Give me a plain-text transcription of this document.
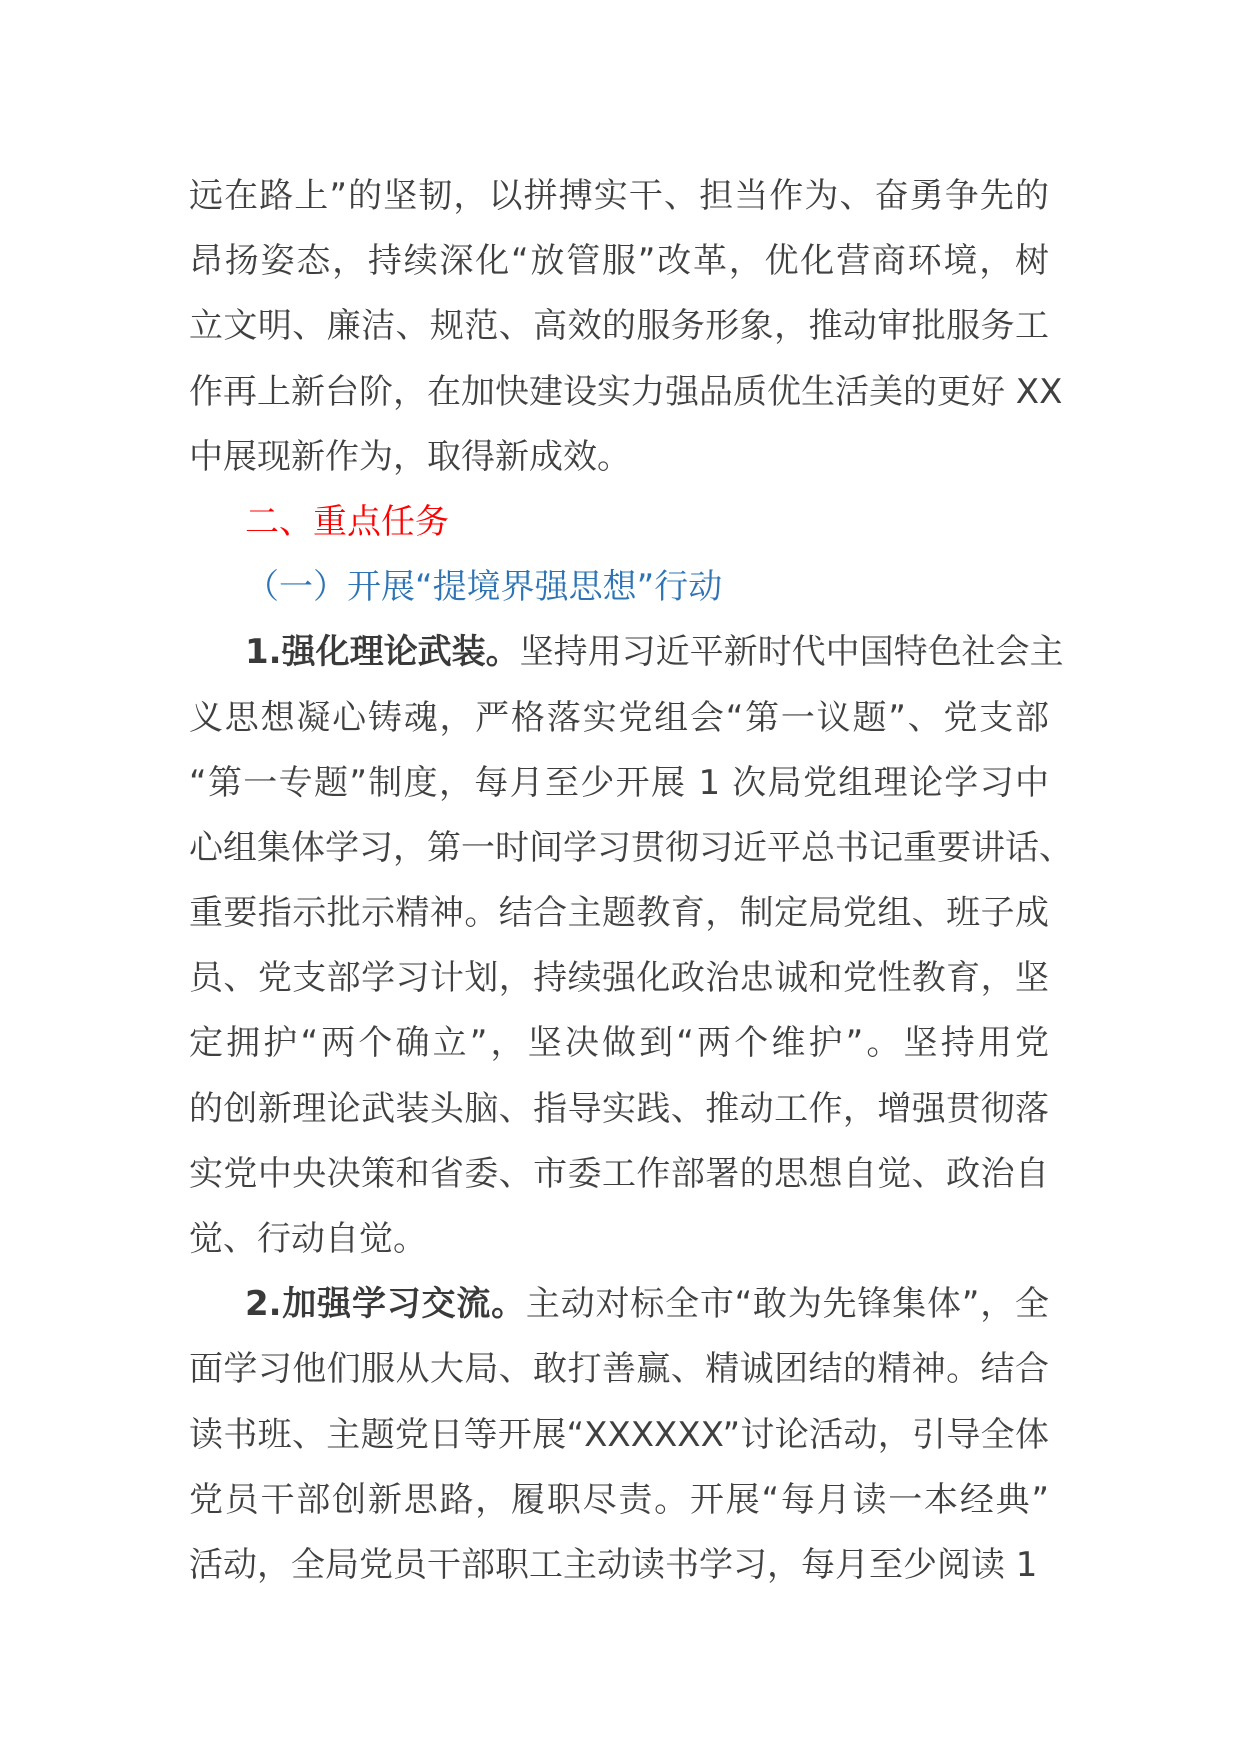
远在路上”的坚韧，以拼搏实干、担当作为、奋勇争先的
昂扬姿态，持续深化“放管服”改革，优化营商环境，树
立文明、廉洁、规范、高效的服务形象，推动审批服务工
作再上新台阶，在加快建设实力强品质优生活美的更好 XX
中展现新作为，取得新成效。
二、重点任务
（一）开展“提境界强思想”行动
1.强化理论武装。坚持用习近平新时代中国特色社会主
义思想凝心铸魂，严格落实党组会“第一议题”、党支部
“第一专题”制度，每月至少开展 1 次局党组理论学习中
心组集体学习，第一时间学习贯彻习近平总书记重要讲话、
重要指示批示精神。结合主题教育，制定局党组、班子成
员、党支部学习计划，持续强化政治忠诚和党性教育，坚
定拥护“两个确立”，坚决做到“两个维护”。坚持用党
的创新理论武装头脑、指导实践、推动工作，增强贯彻落
实党中央决策和省委、市委工作部署的思想自觉、政治自
觉、行动自觉。
2.加强学习交流。主动对标全市“敢为先锋集体”，全
面学习他们服从大局、敢打善赢、精诚团结的精神。结合
读书班、主题党日等开展“XXXXXX”讨论活动，引导全体
党员干部创新思路，履职尽责。开展“每月读一本经典”
活动，全局党员干部职工主动读书学习，每月至少阅读 1
